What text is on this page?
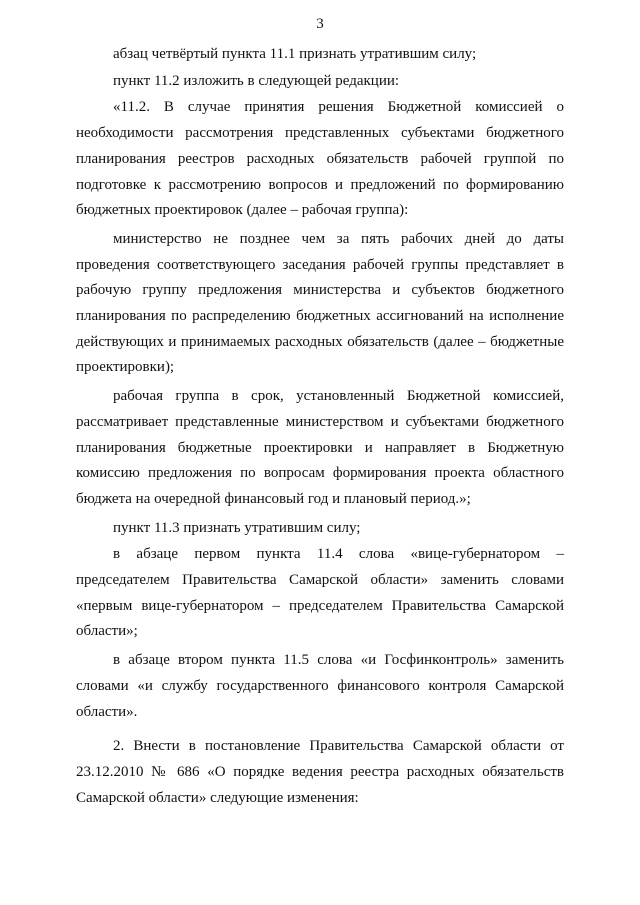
3

абзац четвёртый пункта 11.1 признать утратившим силу;

пункт 11.2 изложить в следующей редакции:

«11.2. В случае принятия решения Бюджетной комиссией о необходимости рассмотрения представленных субъектами бюджетного планирования реестров расходных обязательств рабочей группой по подготовке к рассмотрению вопросов и предложений по формированию бюджетных проектировок (далее – рабочая группа):

министерство не позднее чем за пять рабочих дней до даты проведения соответствующего заседания рабочей группы представляет в рабочую группу предложения министерства и субъектов бюджетного планирования по распределению бюджетных ассигнований на исполнение действующих и принимаемых расходных обязательств (далее – бюджетные проектировки);

рабочая группа в срок, установленный Бюджетной комиссией, рассматривает представленные министерством и субъектами бюджетного планирования бюджетные проектировки и направляет в Бюджетную комиссию предложения по вопросам формирования проекта областного бюджета на очередной финансовый год и плановый период.»;

пункт 11.3 признать утратившим силу;

в абзаце первом пункта 11.4 слова «вице-губернатором – председателем Правительства Самарской области» заменить словами «первым вице-губернатором – председателем Правительства Самарской области»;

в абзаце втором пункта 11.5 слова «и Госфинконтроль» заменить словами «и службу государственного финансового контроля Самарской области».

2. Внести в постановление Правительства Самарской области от 23.12.2010 № 686 «О порядке ведения реестра расходных обязательств Самарской области» следующие изменения:
